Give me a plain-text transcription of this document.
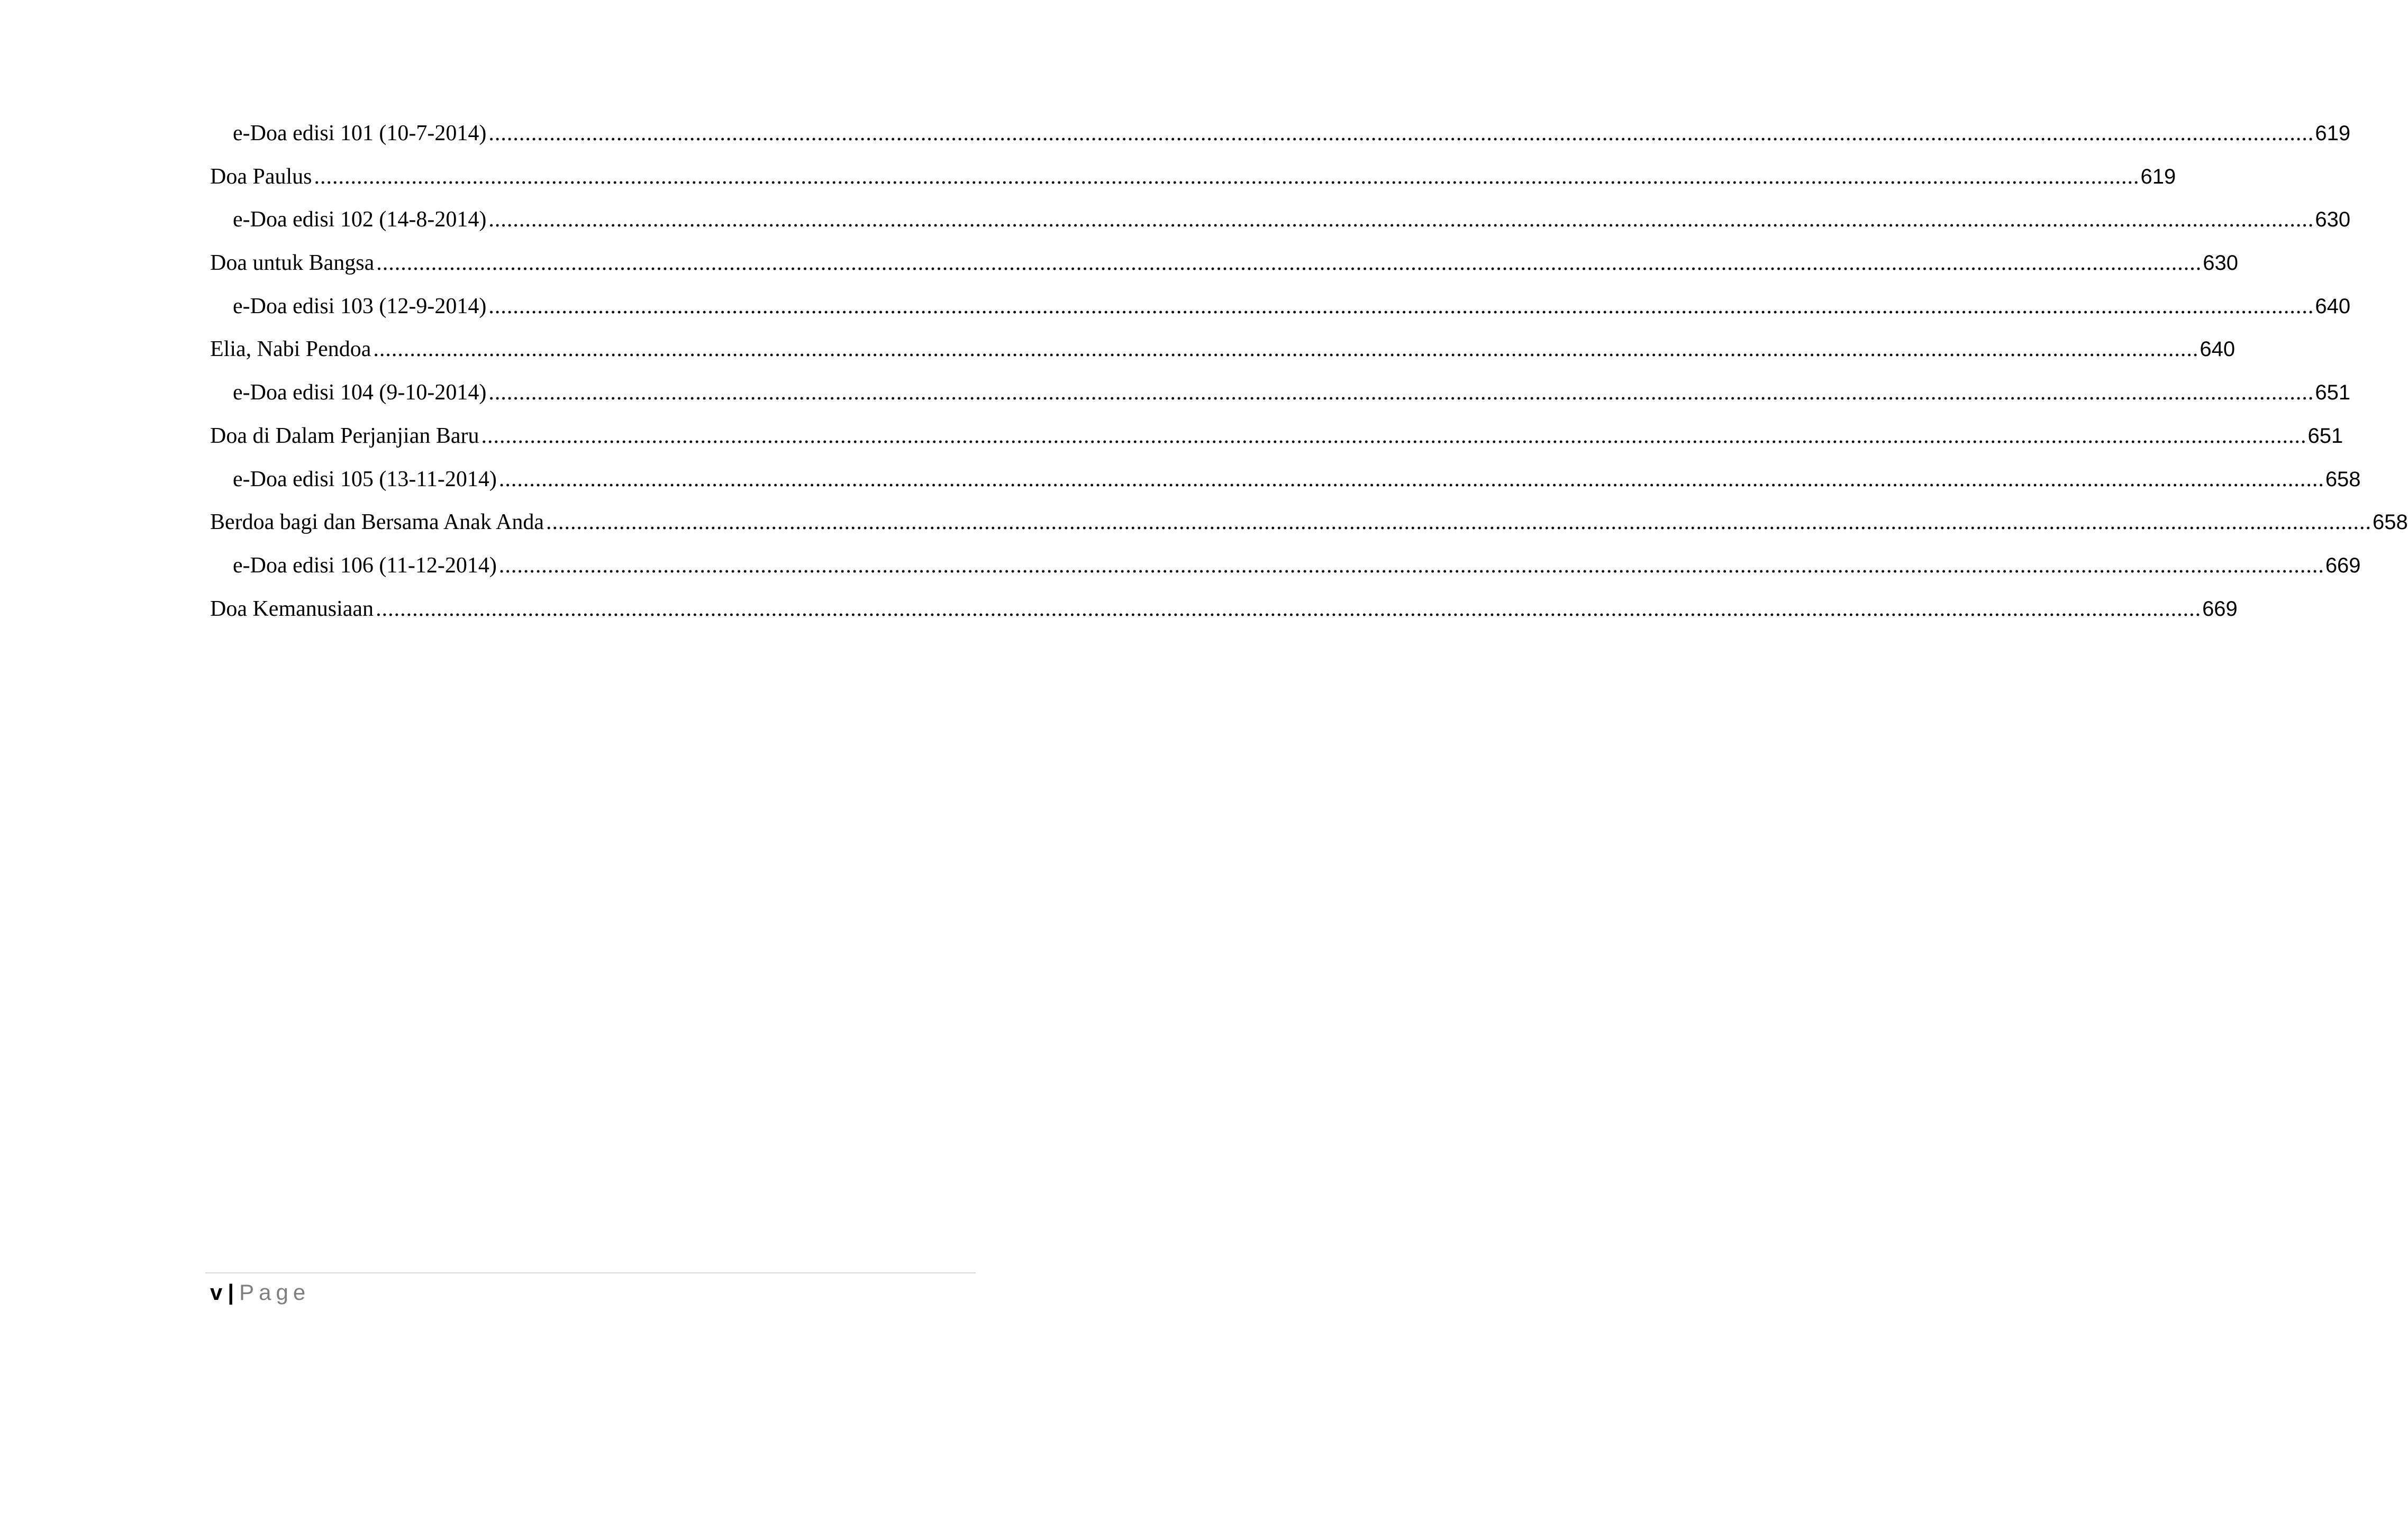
e-Doa edisi 101 (10-7-2014) ............................................................................................................................................................................................................................................................................................................ 619
Doa Paulus ............................................................................................................................................................................................................................................................................................................ 619
e-Doa edisi 102 (14-8-2014) ............................................................................................................................................................................................................................................................................................................ 630
Doa untuk Bangsa ............................................................................................................................................................................................................................................................................................................ 630
e-Doa edisi 103 (12-9-2014) ............................................................................................................................................................................................................................................................................................................ 640
Elia, Nabi Pendoa ............................................................................................................................................................................................................................................................................................................ 640
e-Doa edisi 104 (9-10-2014) ............................................................................................................................................................................................................................................................................................................ 651
Doa di Dalam Perjanjian Baru ............................................................................................................................................................................................................................................................................................................ 651
e-Doa edisi 105 (13-11-2014) ............................................................................................................................................................................................................................................................................................................ 658
Berdoa bagi dan Bersama Anak Anda ............................................................................................................................................................................................................................................................................................................ 658
e-Doa edisi 106 (11-12-2014) ............................................................................................................................................................................................................................................................................................................ 669
Doa Kemanusiaan ............................................................................................................................................................................................................................................................................................................ 669
v | Page
